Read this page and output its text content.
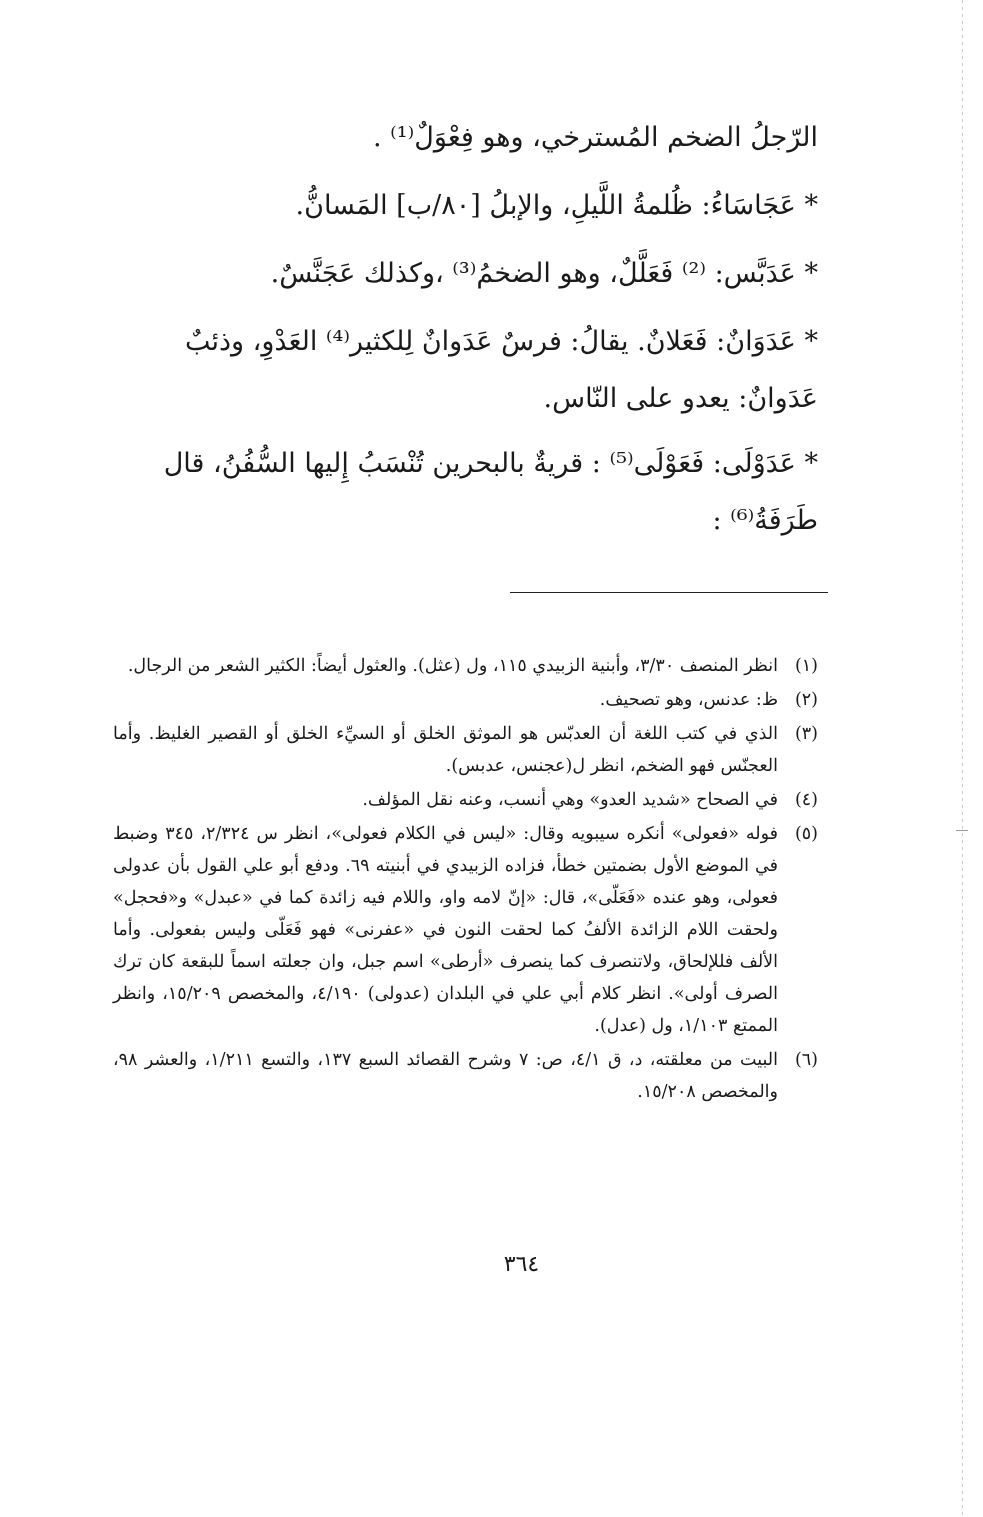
الرّجلُ الضخم المُسترخي، وهو فِعْوَلٌ⁽¹⁾ .

* عَجَاسَاءُ: ظُلمةُ اللَّيلِ، والإبلُ [٨٠/ب] المَسانُّ.

* عَدَبَّس: ⁽²⁾ فَعَلَّلٌ، وهو الضخمُ⁽³⁾ ،وكذلك عَجَنَّسٌ.

* عَدَوَانٌ: فَعَلانٌ. يقالُ: فرسٌ عَدَوانٌ لِلكثير⁽⁴⁾ العَدْوِ، وذئبٌ

عَدَوانٌ: يعدو على النّاس.

* عَدَوْلَى: فَعَوْلَى⁽⁵⁾ : قريةٌ بالبحرين تُنْسَبُ إِليها السُّفُنُ، قال

طَرَفَةُ⁽⁶⁾ :

(١)
انظر المنصف ٣/٣٠، وأبنية الزبيدي ١١٥، ول (عثل). والعثول أيضاً: الكثير الشعر من الرجال.
(٢)
ظ: عدنس، وهو تصحيف.
(٣)
الذي في كتب اللغة أن العدبّس هو الموثق الخلق أو السيِّء الخلق أو القصير الغليظ. وأما العجنّس فهو الضخم، انظر ل(عجنس، عدبس).
(٤)
في الصحاح «شديد العدو» وهي أنسب، وعنه نقل المؤلف.
(٥)
فوله «فعولى» أنكره سيبويه وقال: «ليس في الكلام فعولى»، انظر س ٢/٣٢٤، ٣٤٥ وضبط في الموضع الأول بضمتين خطأ، فزاده الزبيدي في أبنيته ٦٩. ودفع أبو علي القول بأن عدولى فعولى، وهو عنده «فَعَلّى»، قال: «إنّ لامه واو، واللام فيه زائدة كما في «عبدل» و«فحجل» ولحقت اللام الزائدة الألفُ كما لحقت النون في «عفرنى» فهو فَعَلّى وليس بفعولى. وأما الألف فللإلحاق، ولاتنصرف كما ينصرف «أرطى» اسم جبل، وان جعلته اسماً للبقعة كان ترك الصرف أولى». انظر كلام أبي علي في البلدان (عدولى) ٤/١٩٠، والمخصص ١٥/٢٠٩، وانظر الممتع ١/١٠٣، ول (عدل).
(٦)
البيت من معلقته، د، ق ٤/١، ص: ٧ وشرح القصائد السبع ١٣٧، والتسع ١/٢١١، والعشر ٩٨، والمخصص ١٥/٢٠٨.
٣٦٤
